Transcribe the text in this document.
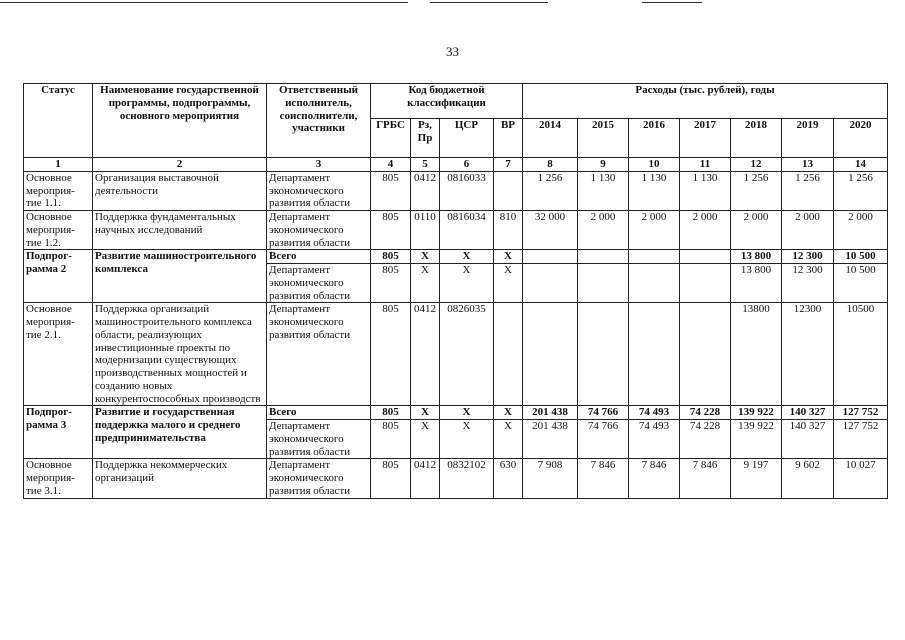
33
Статус	Наименование государственной программы, подпрограммы, основного мероприятия	Ответственный исполнитель, соисполнители, участники	Код бюджетной классификации				Расходы (тыс. рублей), годы						
			ГРБС	Рз, Пр	ЦСР	ВР	2014	2015	2016	2017	2018	2019	2020
1	2	3	4	5	6	7	8	9	10	11	12	13	14
Основное мероприя-тие 1.1.	Организация выставочной деятельности	Департамент экономического развития области	805	0412	0816033		1 256	1 130	1 130	1 130	1 256	1 256	1 256
Основное мероприя-тие 1.2.	Поддержка фундаментальных научных исследований	Департамент экономического развития области	805	0110	0816034	810	32 000	2 000	2 000	2 000	2 000	2 000	2 000
Подпрог-рамма 2	Развитие машиностроительного комплекса	Всего	805	Х	Х	Х					13 800	12 300	10 500
		Департамент экономического развития области	805	Х	Х	Х					13 800	12 300	10 500
Основное мероприя-тие 2.1.	Поддержка организаций машиностроительного комплекса области, реализующих инвестиционные проекты по модернизации существующих производственных мощностей и созданию новых конкурентоспособных производств	Департамент экономического развития области	805	0412	0826035						13800	12300	10500
Подпрог-рамма 3	Развитие и государственная поддержка малого и среднего предпринимательства	Всего	805	Х	Х	Х	201 438	74 766	74 493	74 228	139 922	140 327	127 752
		Департамент экономического развития области	805	Х	Х	Х	201 438	74 766	74 493	74 228	139 922	140 327	127 752
Основное мероприя-тие 3.1.	Поддержка некоммерческих организаций	Департамент экономического развития области	805	0412	0832102	630	7 908	7 846	7 846	7 846	9 197	9 602	10 027
